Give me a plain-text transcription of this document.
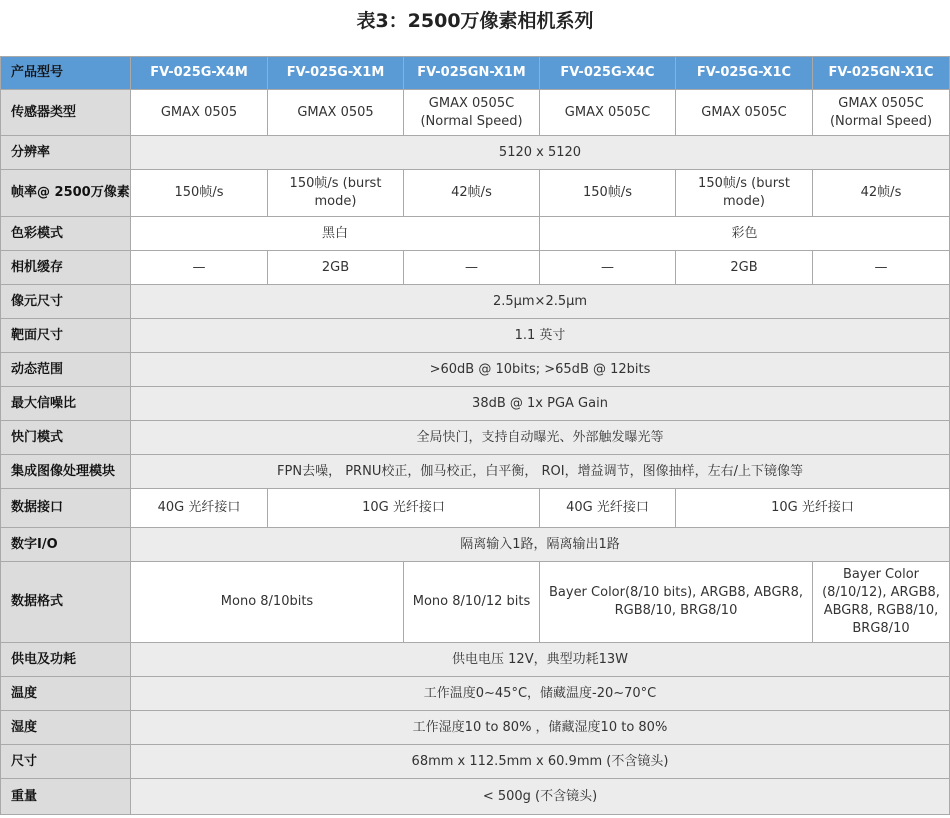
表3：2500万像素相机系列
产品型号	FV-025G-X4M	FV-025G-X1M	FV-025GN-X1M	FV-025G-X4C	FV-025G-X1C	FV-025GN-X1C
传感器类型	GMAX 0505	GMAX 0505	GMAX 0505C (Normal Speed)	GMAX 0505C	GMAX 0505C	GMAX 0505C (Normal Speed)
分辨率	5120 x 5120					
帧率@ 2500万像素	150帧/s	150帧/s (burst mode)	42帧/s	150帧/s	150帧/s (burst mode)	42帧/s
色彩模式	黑白			彩色		
相机缓存	—	2GB	—	—	2GB	—
像元尺寸	2.5μm×2.5μm					
靶面尺寸	1.1 英寸					
动态范围	>60dB @ 10bits; >65dB @ 12bits					
最大信噪比	38dB @ 1x PGA Gain					
快门模式	全局快门，支持自动曝光、外部触发曝光等					
集成图像处理模块	FPN去噪， PRNU校正，伽马校正，白平衡， ROI，增益调节，图像抽样，左右/上下镜像等					
数据接口	40G 光纤接口	10G 光纤接口		40G 光纤接口	10G 光纤接口	
数字I/O	隔离输入1路，隔离输出1路					
数据格式	Mono 8/10bits		Mono 8/10/12 bits	Bayer Color(8/10 bits), ARGB8, ABGR8, RGB8/10, BRG8/10		Bayer Color (8/10/12), ARGB8, ABGR8, RGB8/10, BRG8/10
供电及功耗	供电电压 12V，典型功耗13W					
温度	工作温度0~45°C，储藏温度-20~70°C					
湿度	工作湿度10 to 80% ，储藏湿度10 to 80%					
尺寸	68mm x 112.5mm x 60.9mm (不含镜头)					
重量	< 500g (不含镜头)					
